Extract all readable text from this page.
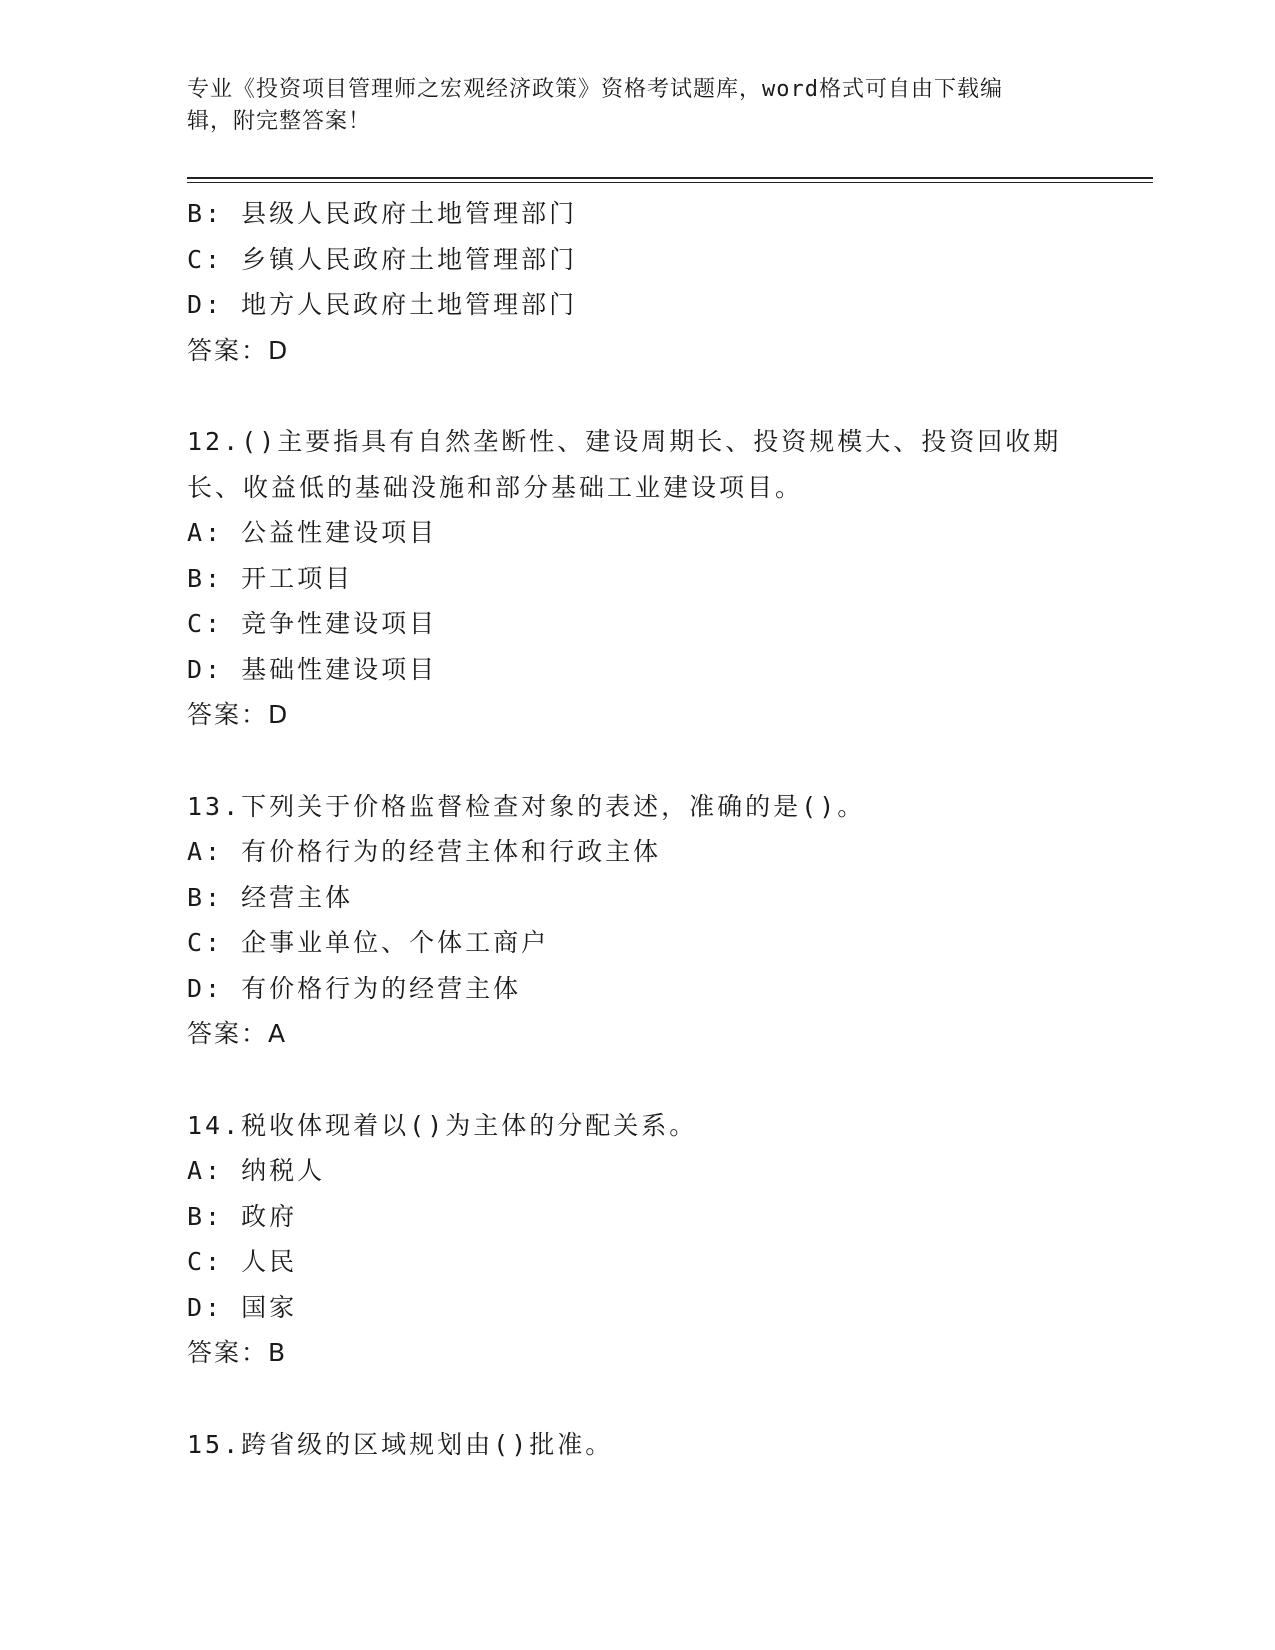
专业《投资项目管理师之宏观经济政策》资格考试题库，word格式可自由下载编
辑，附完整答案！
B: 县级人民政府土地管理部门
C: 乡镇人民政府土地管理部门
D: 地方人民政府土地管理部门
答案：D
12.()主要指具有自然垄断性、建设周期长、投资规模大、投资回收期
长、收益低的基础没施和部分基础工业建设项目。
A: 公益性建设项目
B: 开工项目
C: 竞争性建设项目
D: 基础性建设项目
答案：D
13.下列关于价格监督检查对象的表述，准确的是()。
A: 有价格行为的经营主体和行政主体
B: 经营主体
C: 企事业单位、个体工商户
D: 有价格行为的经营主体
答案：A
14.税收体现着以()为主体的分配关系。
A: 纳税人
B: 政府
C: 人民
D: 国家
答案：B
15.跨省级的区域规划由()批准。
